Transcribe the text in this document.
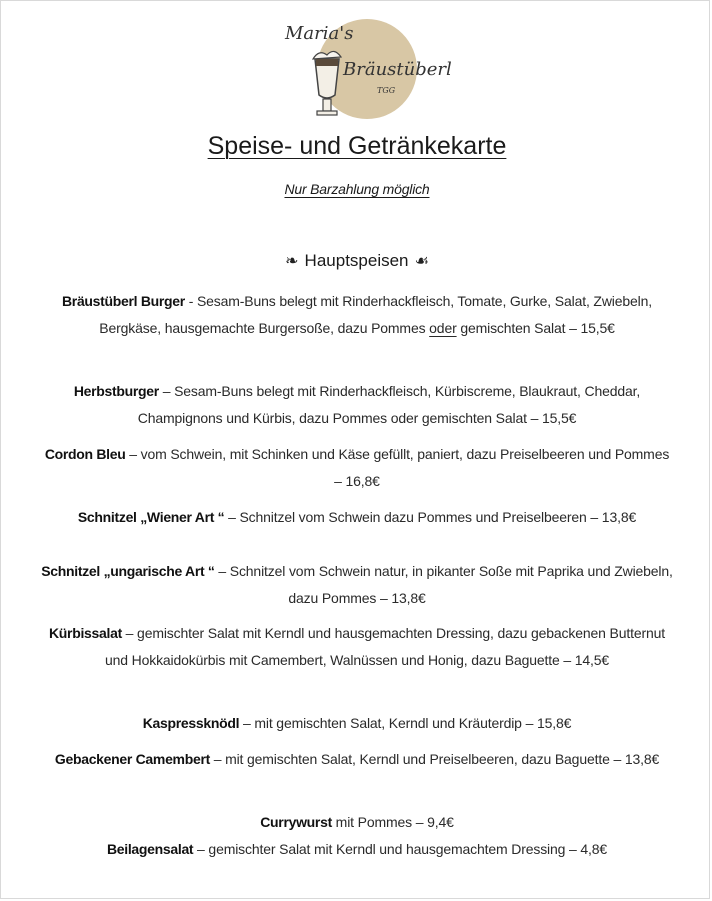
Maria's
Bräustüberl
TGG
Speise- und Getränkekarte
Nur Barzahlung möglich
❧ Hauptspeisen ☙
Bräustüberl Burger - Sesam-Buns belegt mit Rinderhackfleisch, Tomate, Gurke, Salat, Zwiebeln, Bergkäse, hausgemachte Burgersoße, dazu Pommes oder gemischten Salat – 15,5€
Herbstburger – Sesam-Buns belegt mit Rinderhackfleisch, Kürbiscreme, Blaukraut, Cheddar, Champignons und Kürbis, dazu Pommes oder gemischten Salat – 15,5€
Cordon Bleu – vom Schwein, mit Schinken und Käse gefüllt, paniert, dazu Preiselbeeren und Pommes – 16,8€
Schnitzel „Wiener Art “ – Schnitzel vom Schwein dazu Pommes und Preiselbeeren – 13,8€
Schnitzel „ungarische Art “ – Schnitzel vom Schwein natur, in pikanter Soße mit Paprika und Zwiebeln, dazu Pommes – 13,8€
Kürbissalat – gemischter Salat mit Kerndl und hausgemachten Dressing, dazu gebackenen Butternut und Hokkaidokürbis mit Camembert, Walnüssen und Honig, dazu Baguette – 14,5€
Kaspressknödl – mit gemischten Salat, Kerndl und Kräuterdip – 15,8€
Gebackener Camembert – mit gemischten Salat, Kerndl und Preiselbeeren, dazu Baguette – 13,8€
Currywurst mit Pommes – 9,4€
Beilagensalat – gemischter Salat mit Kerndl und hausgemachtem Dressing – 4,8€
